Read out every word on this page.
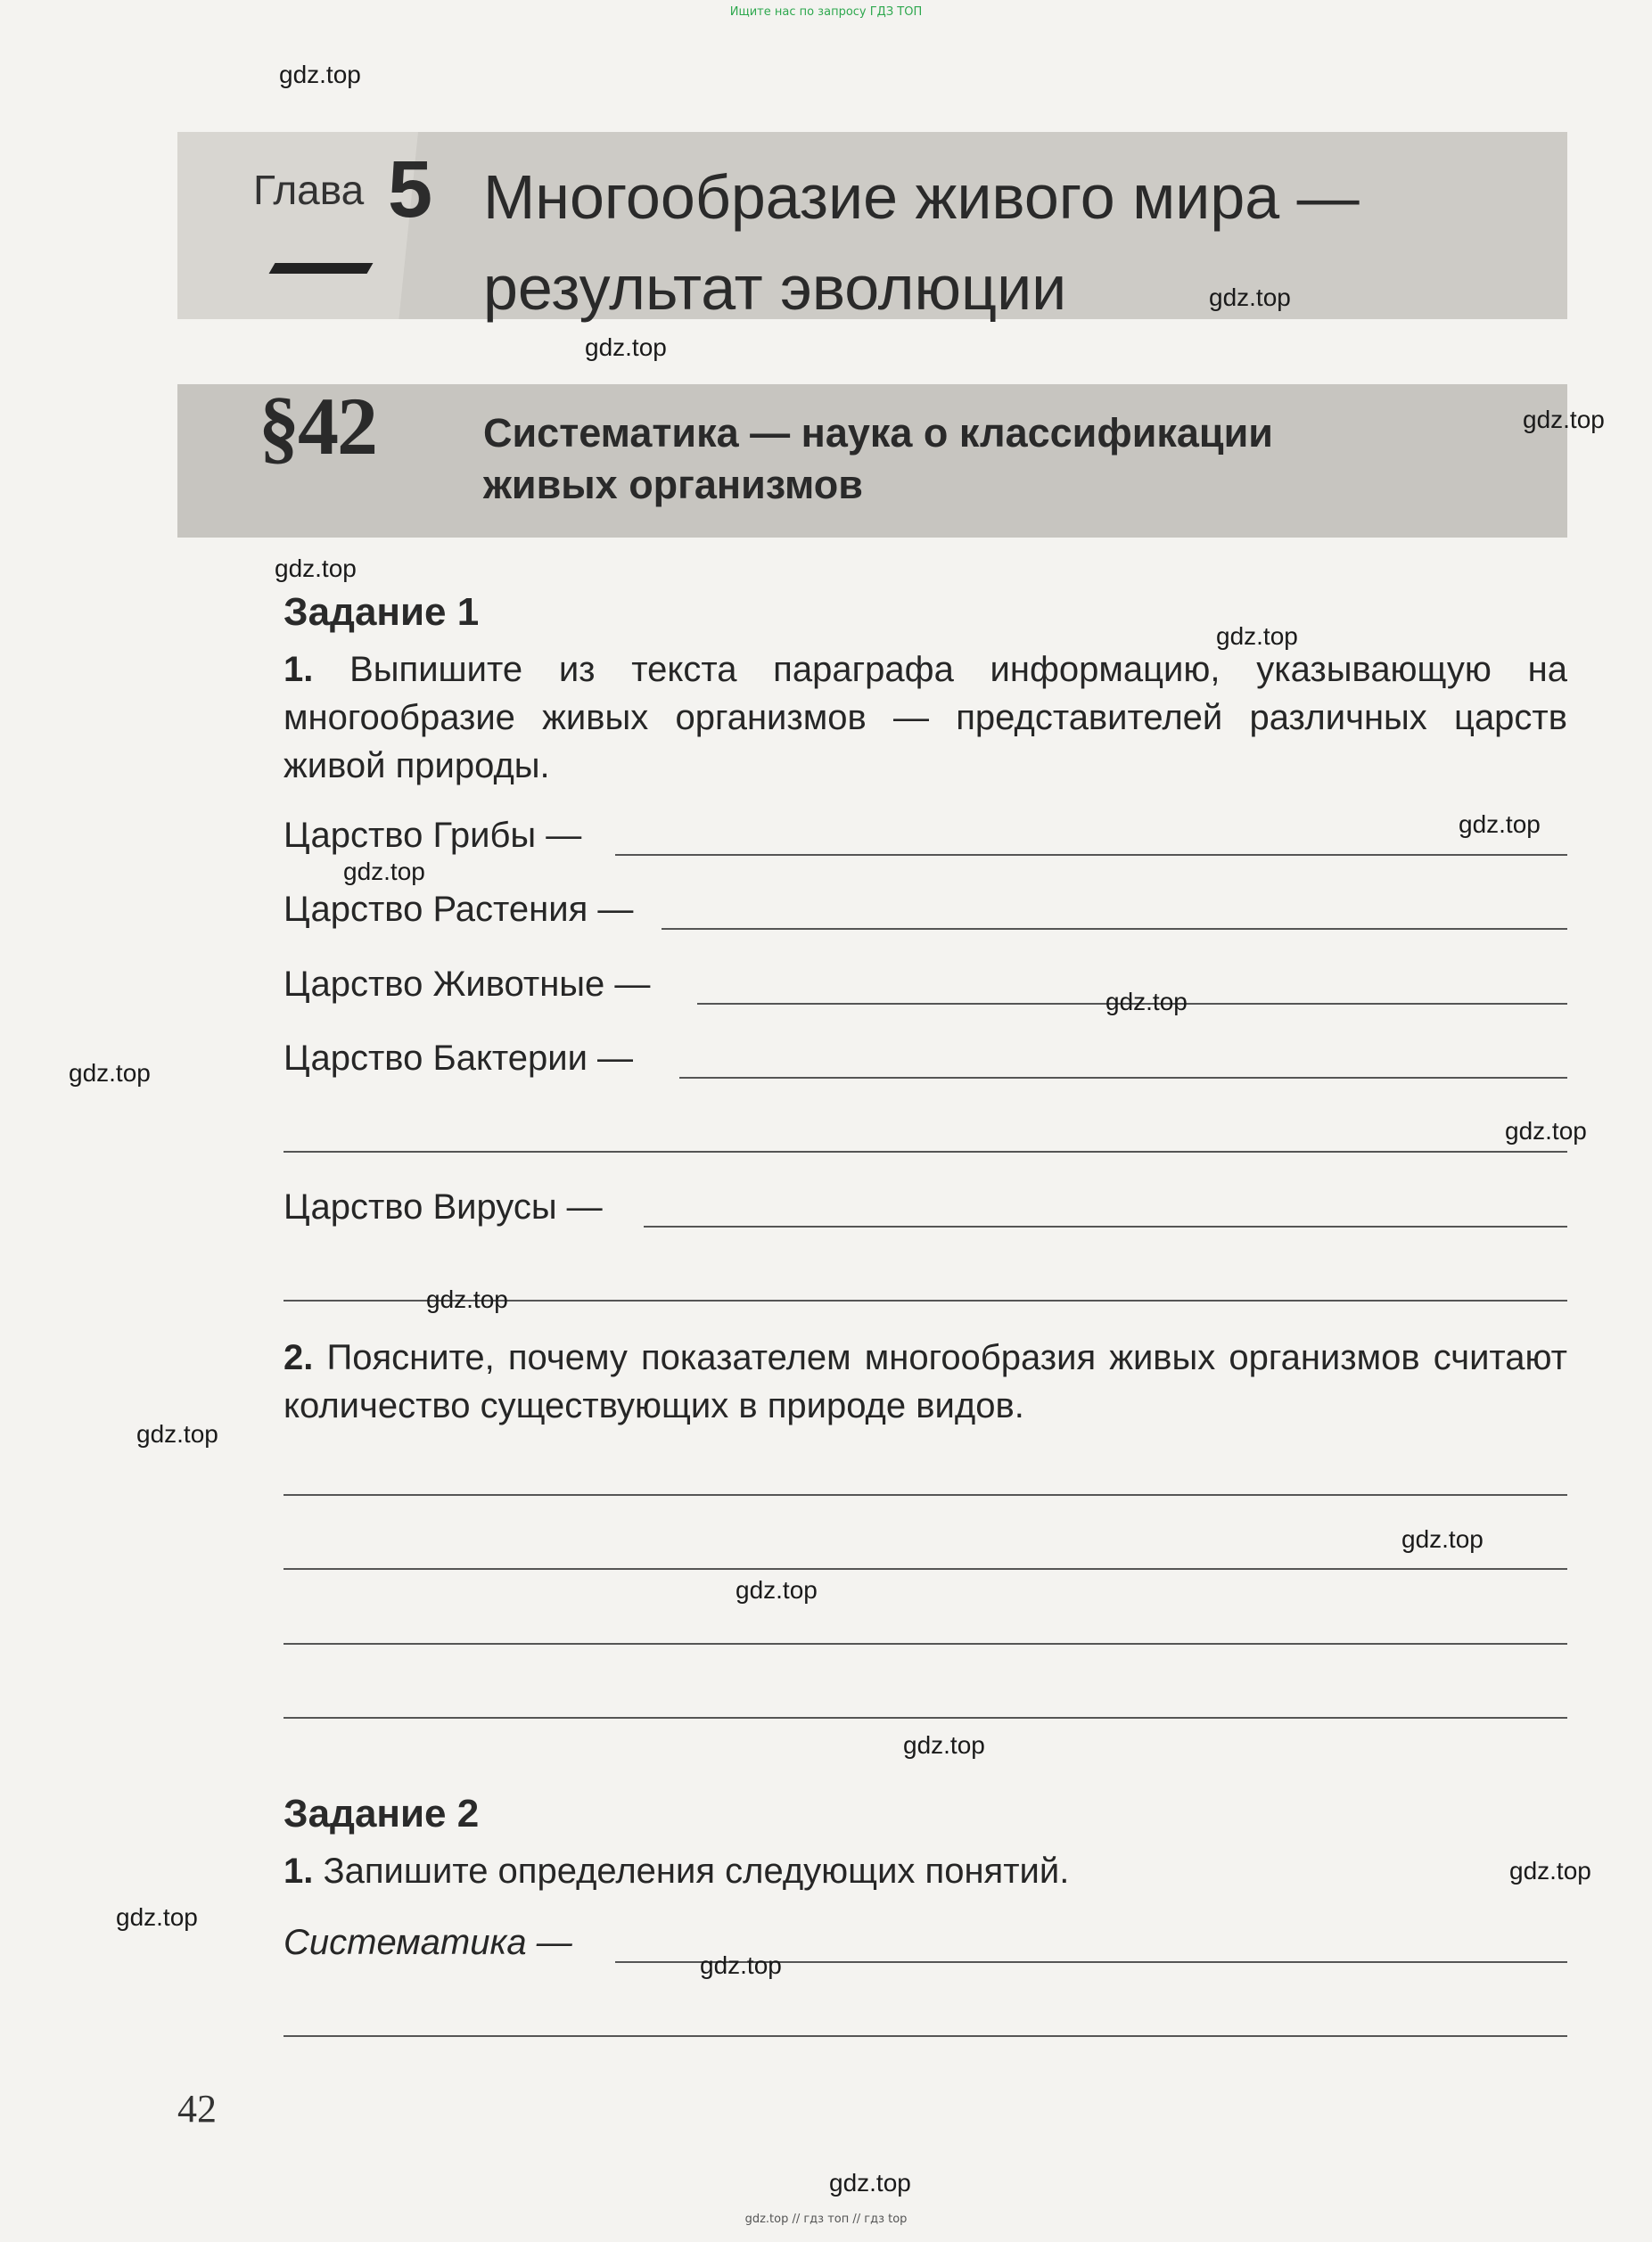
Ищите нас по запросу ГДЗ ТОП
Глава 5 Многообразие живого мира —
результат эволюции
§42	Систематика — наука о классификации
живых организмов
Задание 1
1. Выпишите из текста параграфа информацию, указывающую на многообразие живых организмов — представителей различных царств живой природы.
Царство Грибы —
Царство Растения —
Царство Животные —
Царство Бактерии —
Царство Вирусы —
2. Поясните, почему показателем многообразия живых организмов считают количество существующих в природе видов.
Задание 2
1. Запишите определения следующих понятий.
Систематика —
42
gdz.top
gdz.top
gdz.top
gdz.top
gdz.top
gdz.top
gdz.top
gdz.top
gdz.top
gdz.top
gdz.top
gdz.top
gdz.top
gdz.top
gdz.top
gdz.top
gdz.top
gdz.top
gdz.top
gdz.top
gdz.top // гдз топ // гдз top
